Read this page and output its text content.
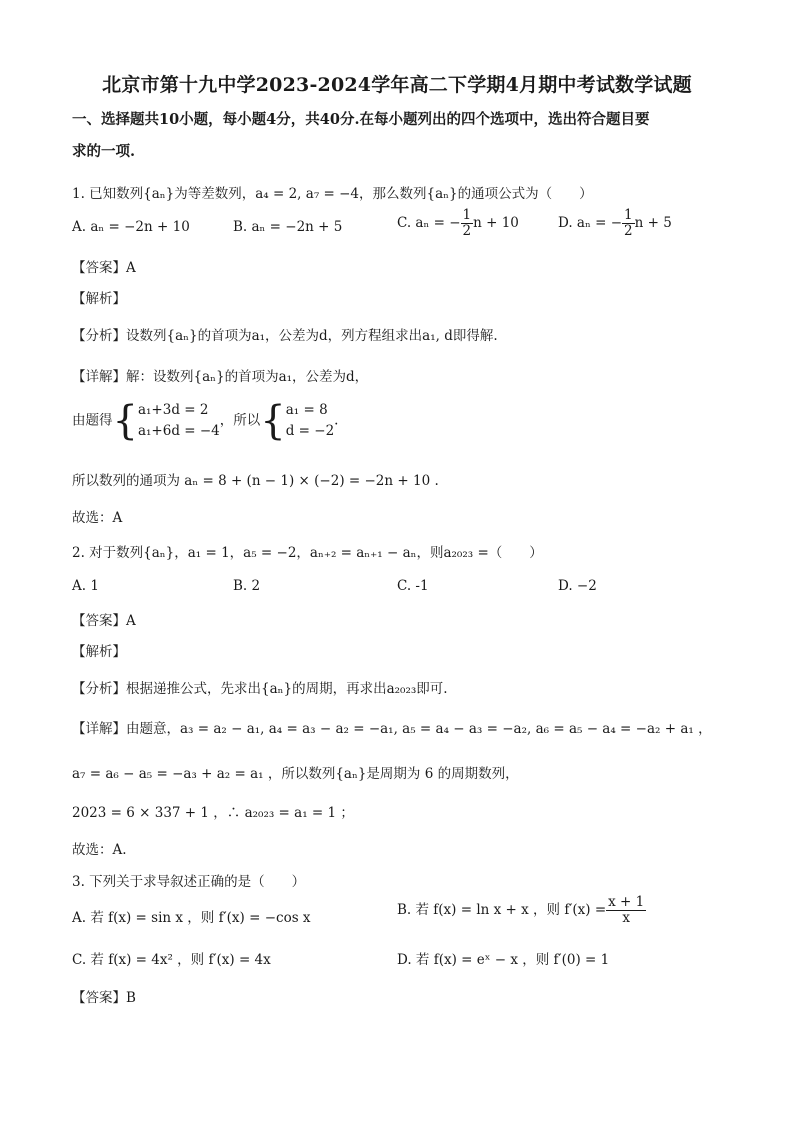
北京市第十九中学2023-2024学年高二下学期4月期中考试数学试题
一、选择题共10小题，每小题4分，共40分.在每小题列出的四个选项中，选出符合题目要
求的一项.
1. 已知数列{aₙ}为等差数列，a₄ = 2, a₇ = −4，那么数列{aₙ}的通项公式为（　　）
A. aₙ = −2n + 10	B. aₙ = −2n + 5	C. aₙ = − $\frac{1}{2}$ n + 10	D. aₙ = − $\frac{1}{2}$ n + 5
【答案】A
【解析】
【分析】设数列{aₙ}的首项为a₁，公差为d，列方程组求出a₁, d即得解.
【详解】解：设数列{aₙ}的首项为a₁，公差为d，
由题得{ a₁+3d = 2
a₁+6d = −4
，所以{ a₁ = 8
d = −2
.
所以数列的通项为 aₙ = 8 + (n − 1) × (−2) = −2n + 10 .
故选：A
2. 对于数列{aₙ}，a₁ = 1，a₅ = −2，aₙ₊₂ = aₙ₊₁ − aₙ，则a₂₀₂₃ =（　　）
A. 1	B. 2	C. -1	D. −2
【答案】A
【解析】
【分析】根据递推公式，先求出{aₙ}的周期，再求出a₂₀₂₃即可.
【详解】由题意，a₃ = a₂ − a₁, a₄ = a₃ − a₂ = −a₁, a₅ = a₄ − a₃ = −a₂, a₆ = a₅ − a₄ = −a₂ + a₁ ，
a₇ = a₆ − a₅ = −a₃ + a₂ = a₁ ，所以数列{aₙ}是周期为 6 的周期数列，
2023 = 6 × 337 + 1 ，∴ a₂₀₂₃ = a₁ = 1 ；
故选：A.
3. 下列关于求导叙述正确的是（　　）
A. 若 f(x) = sin x ，则 f′(x) = −cos x
B. 若 f(x) = ln x + x ，则 $f'(x) = \frac{x + 1}{x}$
C. 若 f(x) = 4x² ，则 f′(x) = 4x	D. 若 f(x) = eˣ − x ，则 f′(0) = 1
【答案】B
